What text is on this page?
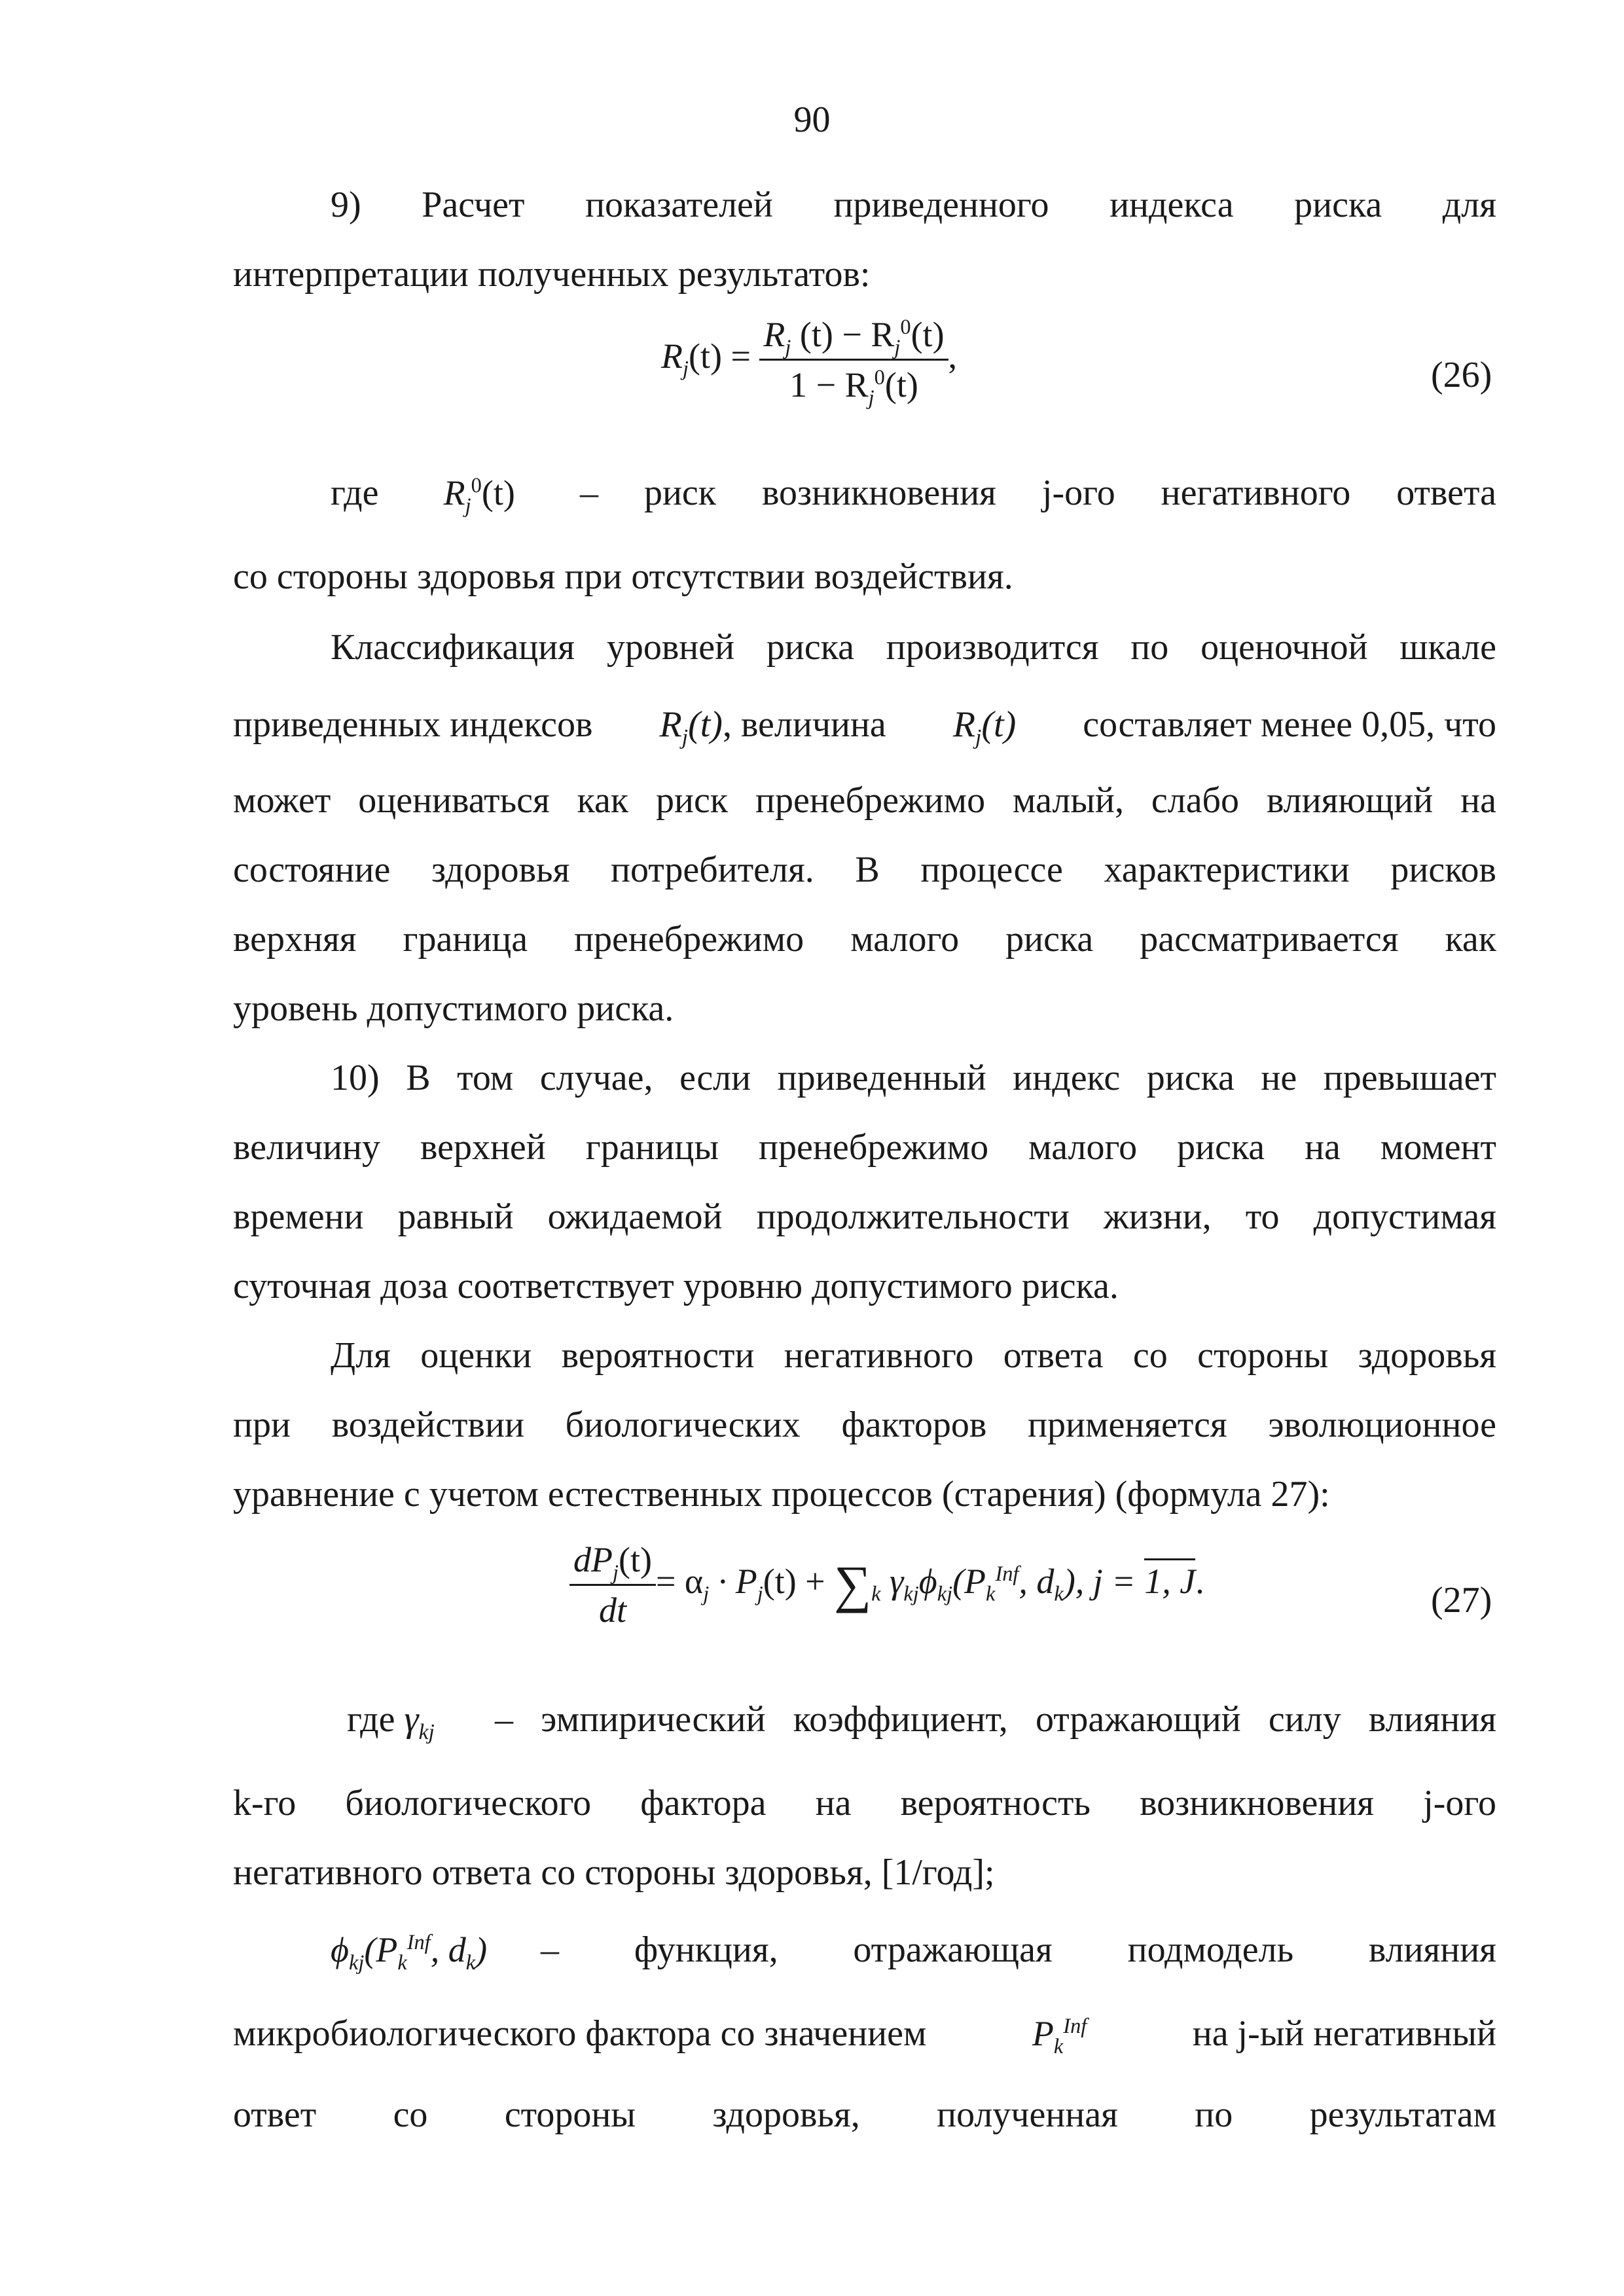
90
9) Расчет показателей приведенного индекса риска для
интерпретации полученных результатов:
$R_j(t) = \frac{R_j (t) - R_j^0(t)}{1 - R_j^0(t)}$ ,	(26)
где $R_j^0(t)$ – риск возникновения j-ого негативного ответа
со стороны здоровья при отсутствии воздействия.
Классификация уровней риска производится по оценочной шкале
приведенных индексов $R_j(t)$, величина $R_j(t)$ составляет менее 0,05, что
может оцениваться как риск пренебрежимо малый, слабо влияющий на
состояние здоровья потребителя. В процессе характеристики рисков
верхняя граница пренебрежимо малого риска рассматривается как
уровень допустимого риска.
10) В том случае, если приведенный индекс риска не превышает
величину верхней границы пренебрежимо малого риска на момент
времени равный ожидаемой продолжительности жизни, то допустимая
суточная доза соответствует уровню допустимого риска.
Для оценки вероятности негативного ответа со стороны здоровья
при воздействии биологических факторов применяется эволюционное
уравнение с учетом естественных процессов (старения) (формула 27):
$\frac{dP_j(t)}{dt} = \alpha_j \cdot P_j(t) + \sum_k$ $\gamma_{kj}\phi_{kj}(P_k^{Inf}$, $d_k$), j = 1, J.	(27)
где $\gamma_{kj}$ – эмпирический коэффициент, отражающий силу влияния
k-го биологического фактора на вероятность возникновения j-ого
негативного ответа со стороны здоровья, [1/год];
$\phi_{kj}(P_k^{Inf}$, $d_k$) – функция, отражающая подмодель влияния
микробиологического фактора со значением	$P_k^{Inf}$	на j-ый негативный
ответ со стороны здоровья, полученная по результатам
